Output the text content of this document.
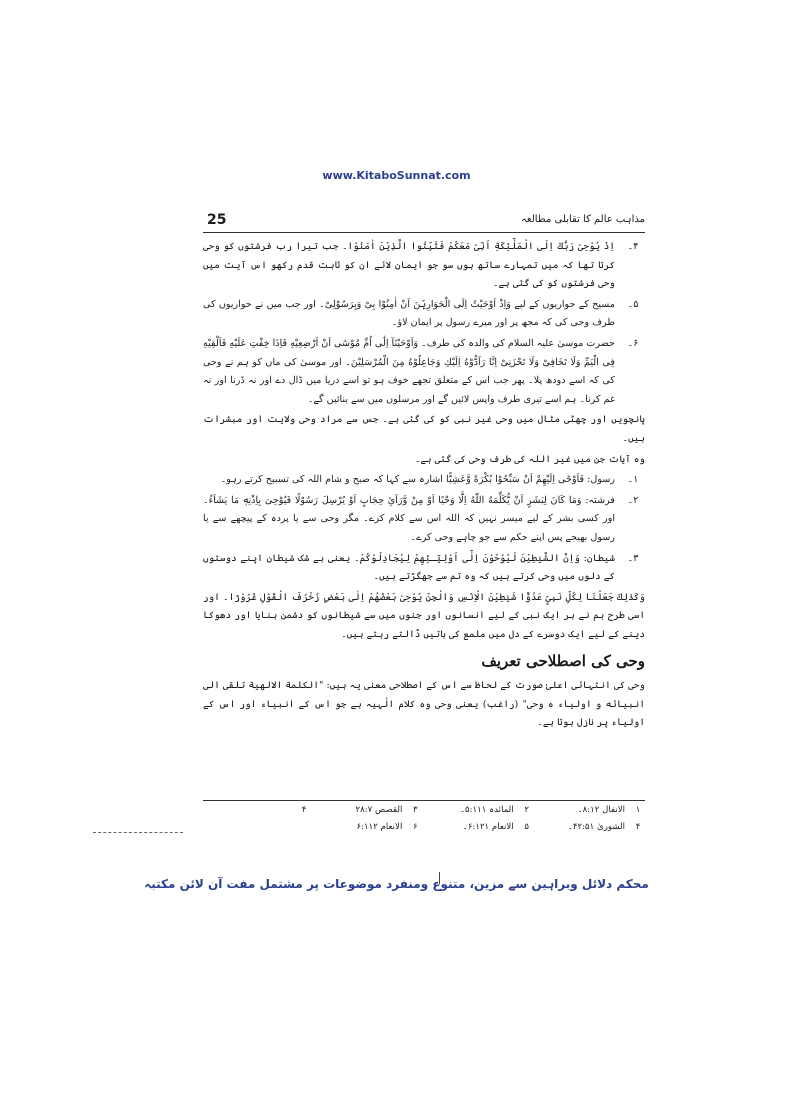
www.KitaboSunnat.com
25	مذاہب عالم کا تقابلی مطالعہ
۴۔
اِذْ يُوْحِىْ رَبُّكَ اِلَى الْمَلٰٓئِكَةِ اَنِّىْ مَعَكُمْ فَثَبِّتُوا الَّذِيْنَ اٰمَنُوْا۔ جب تیرا رب فرشتوں کو وحی کرتا تھا کہ میں تمہارے ساتھ ہوں سو جو ایمان لائے ان کو ثابت قدم رکھو اس آیت میں وحی فرشتوں کو کی گئی ہے۔
۵۔
مسیح کے حواریوں کے لیے وَاِذْ اَوْحَيْتُ اِلَى الْحَوَارِيّٖنَ اَنْ اٰمِنُوْا بِىْ وَبِرَسُوْلِىْ۔ اور جب میں نے حواریوں کی طرف وحی کی کہ مجھ پر اور میرے رسول پر ایمان لاؤ۔
۶۔
حضرت موسیٰ علیہ السلام کی والدہ کی طرف۔ وَاَوْحَيْنَآ اِلٰٓى اُمِّ مُوْسٰٓى اَنْ اَرْضِعِيْهِ فَاِذَا خِفْتِ عَلَيْهِ فَاَلْقِيْهِ فِى الْيَمِّ وَلَا تَخَافِىْ وَلَا تَحْزَنِىْ اِنَّا رَآدُّوْهُ اِلَيْكِ وَجَاعِلُوْهُ مِنَ الْمُرْسَلِيْنَ۔ اور موسیٰ کی ماں کو ہم نے وحی کی کہ اسے دودھ پلا۔ پھر جب اس کے متعلق تجھے خوف ہو تو اسے دریا میں ڈال دے اور نہ ڈرنا اور نہ غم کرنا۔ ہم اسے تیری طرف واپس لائیں گے اور مرسلوں میں سے بنائیں گے۔
پانچویں اور چھٹی مثال میں وحی غیر نبی کو کی گئی ہے۔ جس سے مراد وحی ولایت اور مبشرات ہیں۔
وہ آیات جن میں غیر اللہ کی طرف وحی کی گئی ہے۔
۱۔
رسول: فَاَوْحٰٓى اِلَيْهِمْ اَنْ سَبِّحُوْا بُكْرَةً وَّعَشِيًّا اشارہ سے کہا کہ صبح و شام اللہ کی تسبیح کرتے رہو۔
۲۔
فرشتہ: وَمَا كَانَ لِبَشَرٍ اَنْ يُّكَلِّمَهُ اللّٰهُ اِلَّا وَحْيًا اَوْ مِنْ وَّرَآئِ حِجَابٍ اَوْ يُرْسِلَ رَسُوْلًا فَيُوْحِىَ بِاِذْنِهٖ مَا يَشَآءُ۔ اور کسی بشر کے لیے میسر نہیں کہ اللہ اس سے کلام کرے۔ مگر وحی سے یا پردہ کے پیچھے سے یا رسول بھیجے پس اپنے حکم سے جو چاہے وحی کرے۔
۳۔
شیطان: وَاِنَّ الشَّيٰطِيْنَ لَيُوْحُوْنَ اِلٰٓى اَوْلِيٰٓـئِهِمْ لِيُجَادِلُوْكُمْ۔ یعنی بے شک شیطان اپنے دوستوں کے دلوں میں وحی کرتے ہیں کہ وہ تم سے جھگڑتے ہیں۔
وَكَذٰلِكَ جَعَلْنَا لِكُلِّ نَبِىٍّ عَدُوًّا شَيٰطِيْنَ الْاِنْسِ وَالْجِنِّ يُوْحِىْ بَعْضُهُمْ اِلٰى بَعْضٍ زُخْرُفَ الْقَوْلِ غُرُوْرًا۔ اور اسی طرح ہم نے ہر ایک نبی کے لیے انسانوں اور جنوں میں سے شیطانوں کو دشمن بنایا اور دھوکا دینے کے لیے ایک دوسرے کے دل میں ملمع کی باتیں ڈالتے رہتے ہیں۔
وحی کی اصطلاحی تعریف
وحی کی انتہائی اعلیٰ صورت کے لحاظ سے اس کے اصطلاحی معنی یہ ہیں: "الكلمة الالهية تلقى الى انبيائه و اولياء ه وحى" (راغب) یعنی وحی وہ کلام الٰہیہ ہے جو اس کے انبیاء اور اس کے اولیاء پر نازل ہوتا ہے۔
۱
الانفال ۸:۱۲۔
۲
المائدہ ۵:۱۱۱۔
۳
القصص ۲۸:۷
۴
۴
الشوریٰ ۴۲:۵۱۔
۵
الانعام ۶:۱۲۱۔
۶
الانعام ۶:۱۱۲
محکم دلائل وبراہین سے مزین، متنوع ومنفرد موضوعات پر مشتمل مفت آن لائن مکتبہ
